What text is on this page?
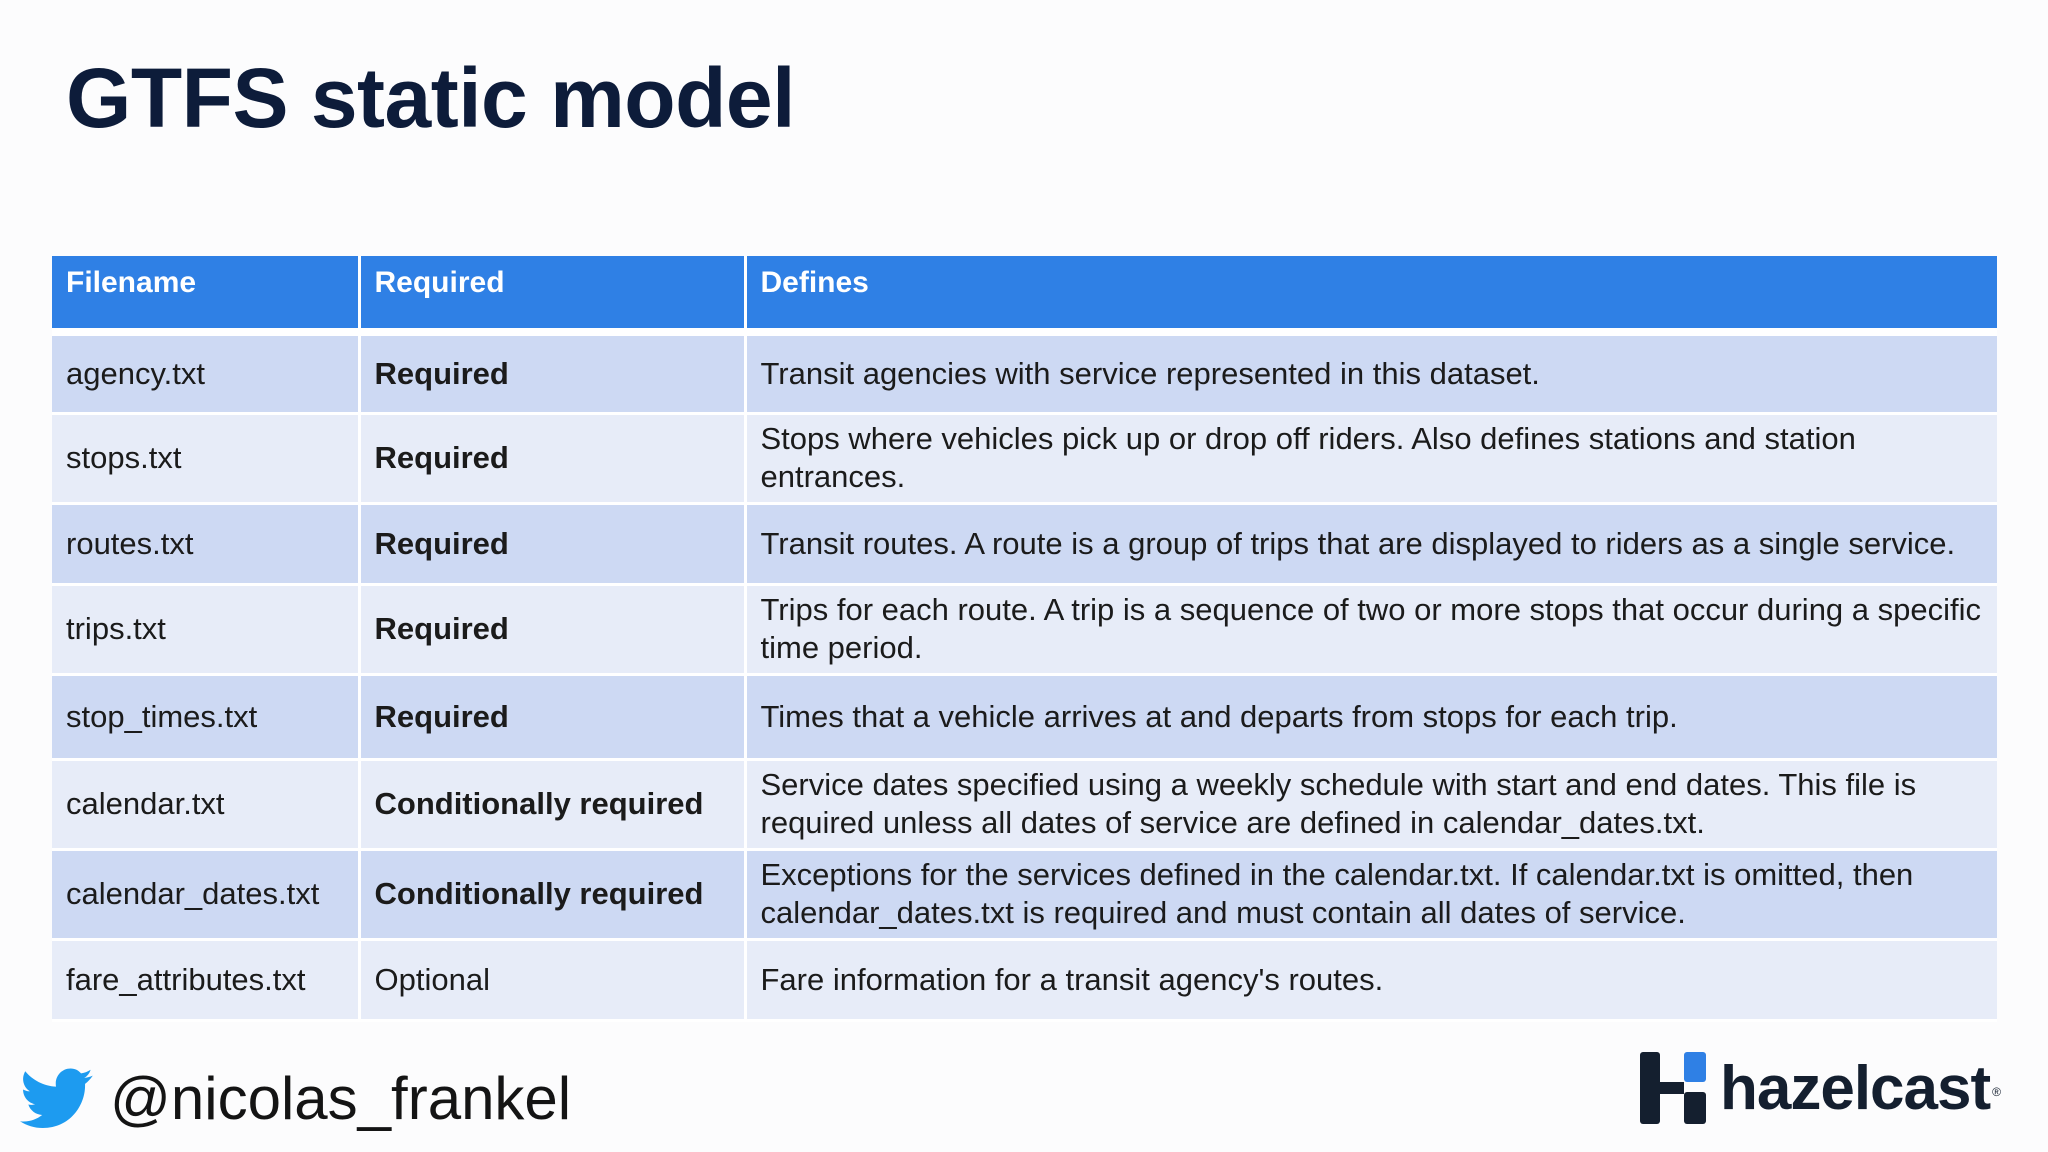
GTFS static model
Filename	Required	Defines
agency.txt	Required	Transit agencies with service represented in this dataset.
stops.txt	Required	Stops where vehicles pick up or drop off riders. Also defines stations and station entrances.
routes.txt	Required	Transit routes. A route is a group of trips that are displayed to riders as a single service.
trips.txt	Required	Trips for each route. A trip is a sequence of two or more stops that occur during a specific time period.
stop_times.txt	Required	Times that a vehicle arrives at and departs from stops for each trip.
calendar.txt	Conditionally required	Service dates specified using a weekly schedule with start and end dates. This file is required unless all dates of service are defined in calendar_dates.txt.
calendar_dates.txt	Conditionally required	Exceptions for the services defined in the calendar.txt. If calendar.txt is omitted, then calendar_dates.txt is required and must contain all dates of service.
fare_attributes.txt	Optional	Fare information for a transit agency's routes.
@nicolas_frankel	hazelcast ®
